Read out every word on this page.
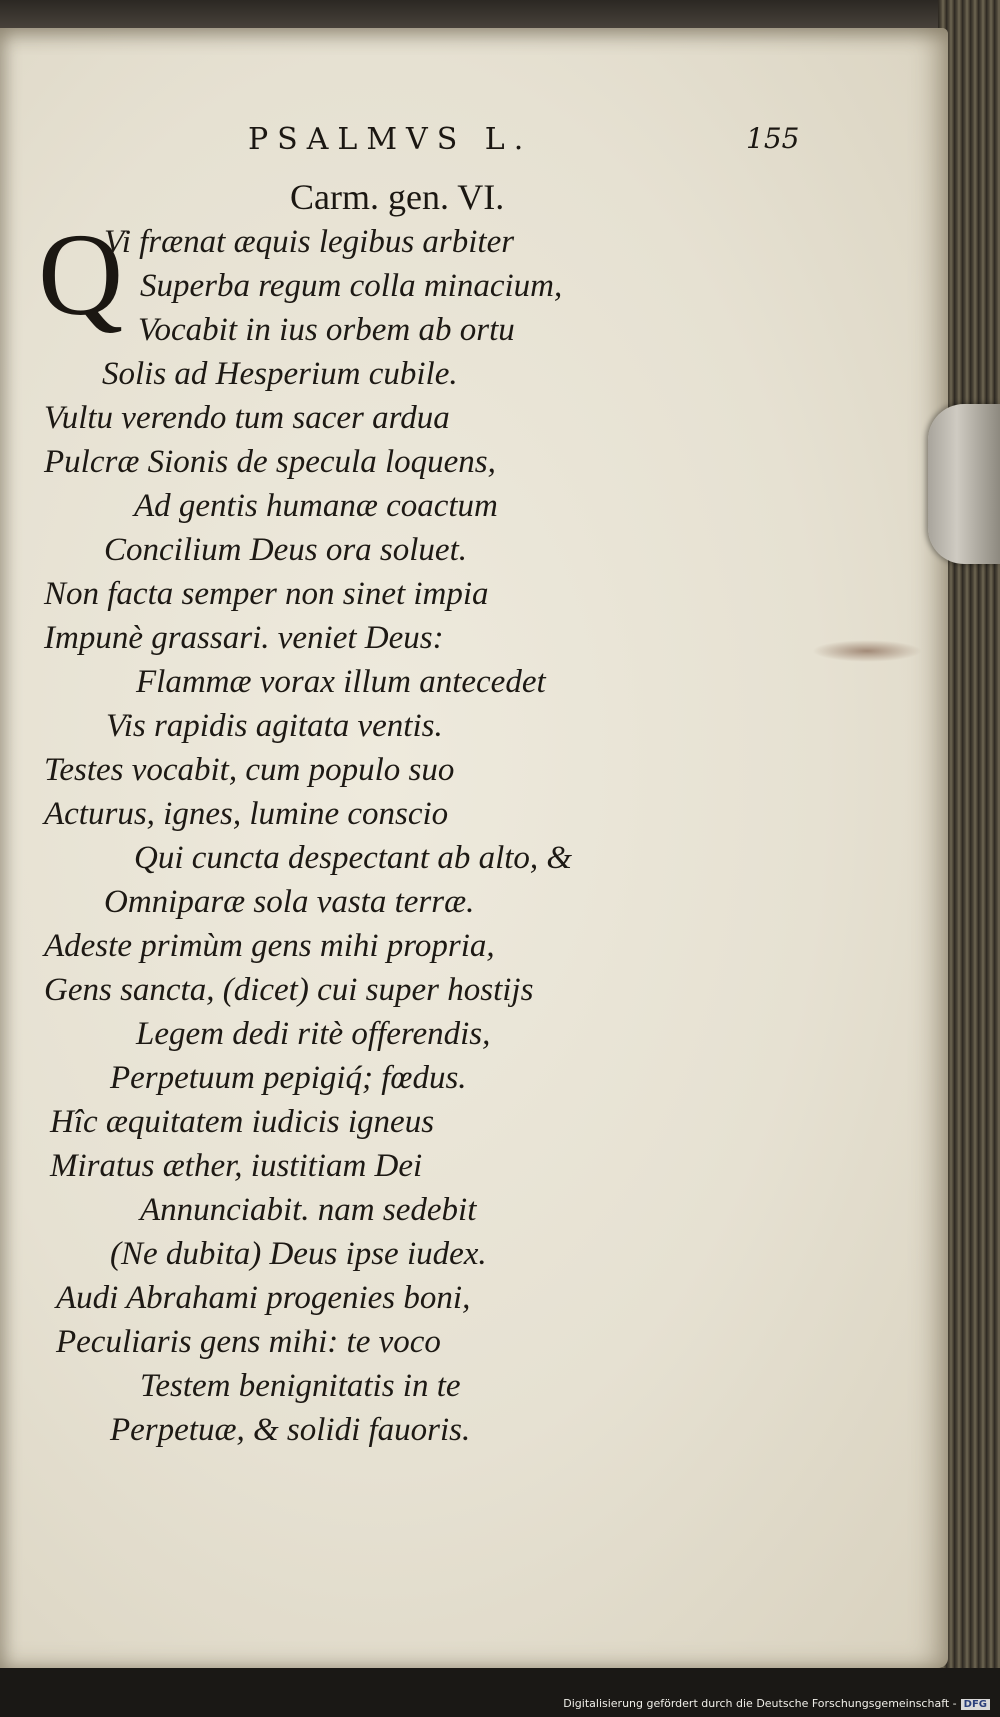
PSALMVS L.	155
Carm. gen. VI.
Q
Vi frænat æquis legibus arbiter
Superba regum colla minacium,
Vocabit in ius orbem ab ortu
Solis ad Hesperium cubile.
Vultu verendo tum sacer ardua
Pulcræ Sionis de specula loquens,
Ad gentis humanæ coactum
Concilium Deus ora soluet.
Non facta semper non sinet impia
Impunè grassari. veniet Deus:
Flammæ vorax illum antecedet
Vis rapidis agitata ventis.
Testes vocabit, cum populo suo
Acturus, ignes, lumine conscio
Qui cuncta despectant ab alto, &
Omniparæ sola vasta terræ.
Adeste primùm gens mihi propria,
Gens sancta, (dicet) cui super hostijs
Legem dedi ritè offerendis,
Perpetuum pepigiq́; fœdus.
Hîc æquitatem iudicis igneus
Miratus æther, iustitiam Dei
Annunciabit. nam sedebit
(Ne dubita) Deus ipse iudex.
Audi Abrahami progenies boni,
Peculiaris gens mihi: te voco
Testem benignitatis in te
Perpetuæ, & solidi fauoris.
Digitalisierung gefördert durch die Deutsche Forschungsgemeinschaft - DFG
